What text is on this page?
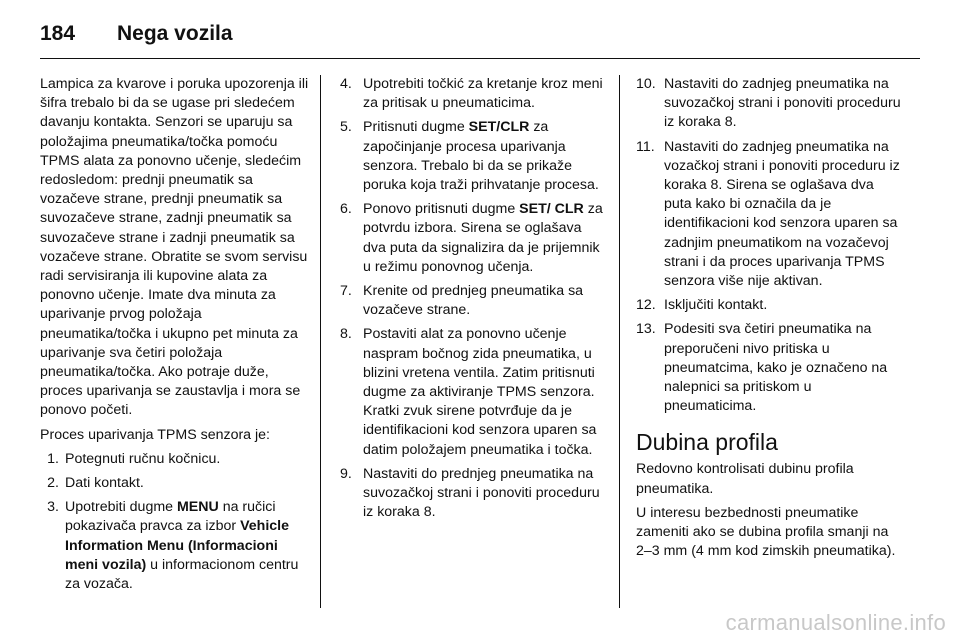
184	Nega vozila

Lampica za kvarove i poruka upozorenja ili šifra trebalo bi da se ugase pri sledećem davanju kontakta. Senzori se uparuju sa položajima pneumatika/točka pomoću TPMS alata za ponovno učenje, sledećim redosledom: prednji pneumatik sa vozačeve strane, prednji pneumatik sa suvozačeve strane, zadnji pneumatik sa suvozačeve strane i zadnji pneumatik sa vozačeve strane. Obratite se svom servisu radi servisiranja ili kupovine alata za ponovno učenje. Imate dva minuta za uparivanje prvog položaja pneumatika/točka i ukupno pet minuta za uparivanje sva četiri položaja pneumatika/točka. Ako potraje duže, proces uparivanja se zaustavlja i mora se ponovo početi.

Proces uparivanja TPMS senzora je:

1. Potegnuti ručnu kočnicu.
2. Dati kontakt.
3. Upotrebiti dugme MENU na ručici pokazivača pravca za izbor Vehicle Information Menu (Informacioni meni vozila) u informacionom centru za vozača.
4. Upotrebiti točkić za kretanje kroz meni za pritisak u pneumaticima.
5. Pritisnuti dugme SET/CLR za započinjanje procesa uparivanja senzora. Trebalo bi da se prikaže poruka koja traži prihvatanje procesa.
6. Ponovo pritisnuti dugme SET/ CLR za potvrdu izbora. Sirena se oglašava dva puta da signalizira da je prijemnik u režimu ponovnog učenja.
7. Krenite od prednjeg pneumatika sa vozačeve strane.
8. Postaviti alat za ponovno učenje naspram bočnog zida pneumatika, u blizini vretena ventila. Zatim pritisnuti dugme za aktiviranje TPMS senzora. Kratki zvuk sirene potvrđuje da je identifikacioni kod senzora uparen sa datim položajem pneumatika i točka.
9. Nastaviti do prednjeg pneumatika na suvozačkoj strani i ponoviti proceduru iz koraka 8.
10. Nastaviti do zadnjeg pneumatika na suvozačkoj strani i ponoviti proceduru iz koraka 8.
11. Nastaviti do zadnjeg pneumatika na vozačkoj strani i ponoviti proceduru iz koraka 8. Sirena se oglašava dva puta kako bi označila da je identifikacioni kod senzora uparen sa zadnjim pneumatikom na vozačevoj strani i da proces uparivanja TPMS senzora više nije aktivan.
12. Isključiti kontakt.
13. Podesiti sva četiri pneumatika na preporučeni nivo pritiska u pneumatcima, kako je označeno na nalepnici sa pritiskom u pneumaticima.
Dubina profila

Redovno kontrolisati dubinu profila pneumatika.

U interesu bezbednosti pneumatike zameniti ako se dubina profila smanji na 2–3 mm (4 mm kod zimskih pneumatika).

carmanualsonline.info
